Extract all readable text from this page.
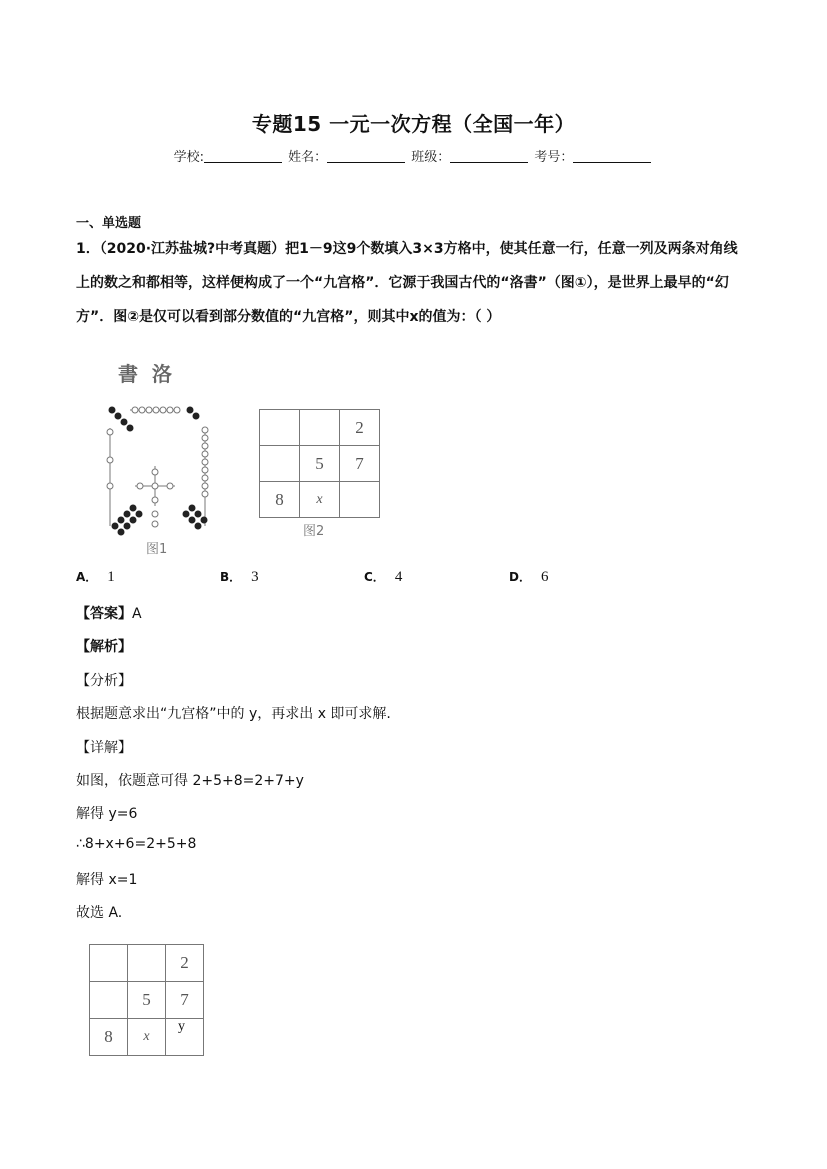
专题15 一元一次方程（全国一年）
学校:	姓名：	班级：	考号：
一、单选题
1．（2020·江苏盐城?中考真题）把1－9这9个数填入3×3方格中，使其任意一行，任意一列及两条对角线
上的数之和都相等，这样便构成了一个“九宫格”．它源于我国古代的“洛書”（图①），是世界上最早的“幻
方”．图②是仅可以看到部分数值的“九宫格”，则其中x的值为：（ ）
書  洛
图1
		2
	5	7
8	x	
图2
A． 1	B． 3	C． 4	D． 6
【答案】A
【解析】
【分析】
根据题意求出“九宫格”中的 y，再求出 x 即可求解.
【详解】
如图，依题意可得 2+5+8=2+7+y
解得 y=6
∴8+x+6=2+5+8
解得 x=1
故选 A.
		2
	5	7
8	x	y
